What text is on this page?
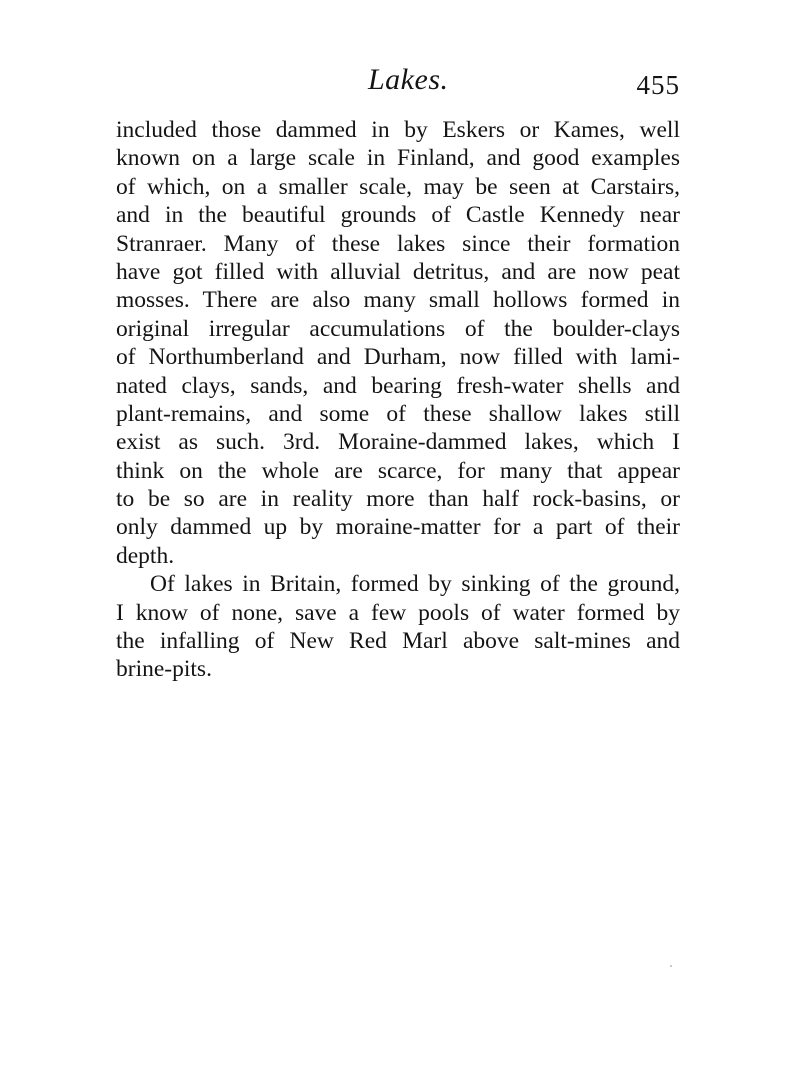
Lakes.	455
included those dammed in by Eskers or Kames, well
known on a large scale in Finland, and good examples
of which, on a smaller scale, may be seen at Carstairs,
and in the beautiful grounds of Castle Kennedy near
Stranraer. Many of these lakes since their formation
have got filled with alluvial detritus, and are now peat
mosses. There are also many small hollows formed in
original irregular accumulations of the boulder-clays
of Northumberland and Durham, now filled with lami-
nated clays, sands, and bearing fresh-water shells and
plant-remains, and some of these shallow lakes still
exist as such. 3rd. Moraine-dammed lakes, which I
think on the whole are scarce, for many that appear
to be so are in reality more than half rock-basins, or
only dammed up by moraine-matter for a part of their
depth.
Of lakes in Britain, formed by sinking of the ground,
I know of none, save a few pools of water formed by
the infalling of New Red Marl above salt-mines and
brine-pits.
